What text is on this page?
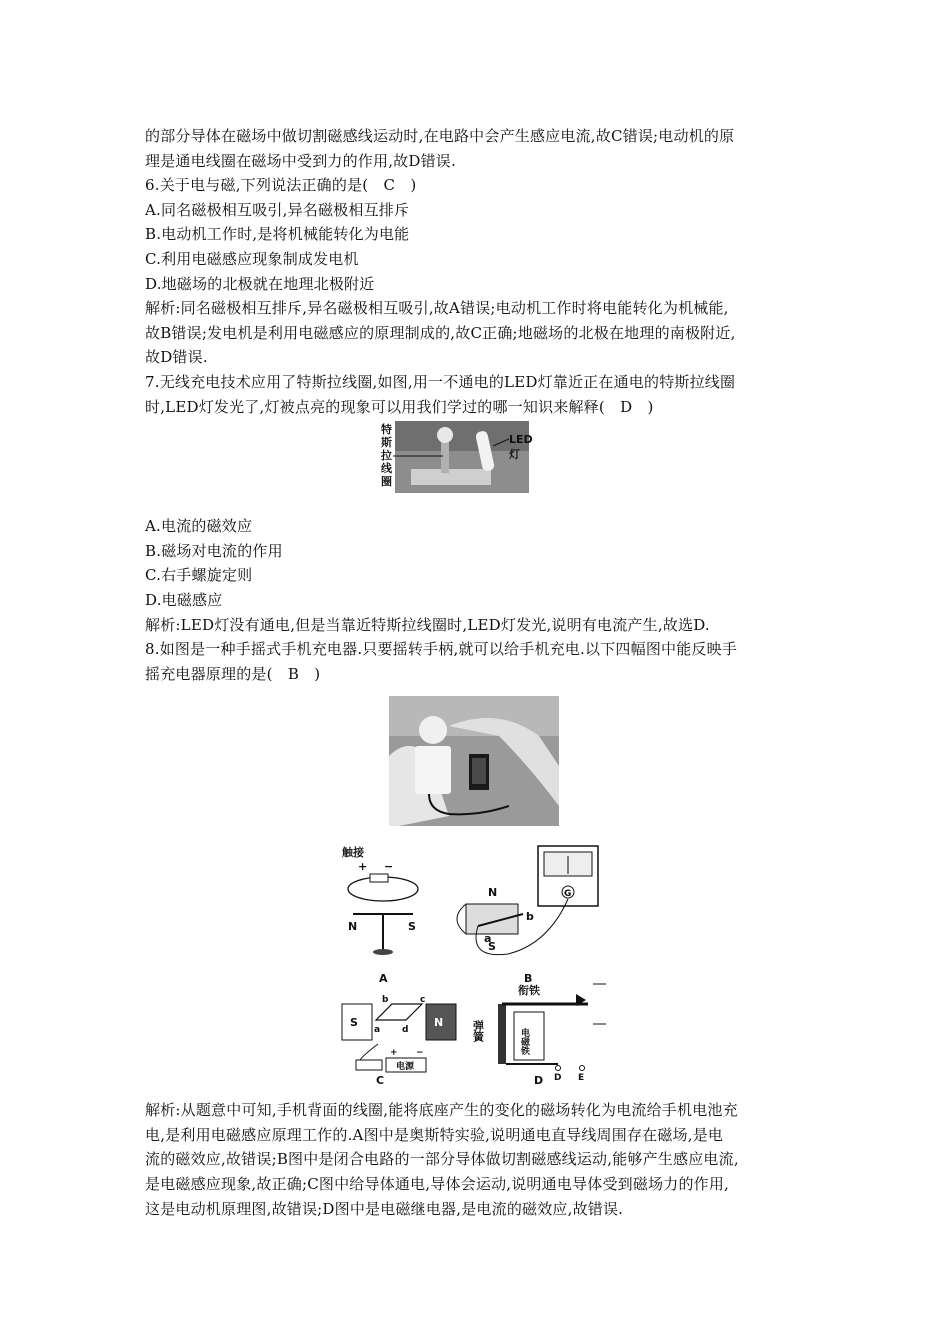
的部分导体在磁场中做切割磁感线运动时,在电路中会产生感应电流,故C错误;电动机的原
理是通电线圈在磁场中受到力的作用,故D错误.
6.关于电与磁,下列说法正确的是(　C　)
A.同名磁极相互吸引,异名磁极相互排斥
B.电动机工作时,是将机械能转化为电能
C.利用电磁感应现象制成发电机
D.地磁场的北极就在地理北极附近
解析:同名磁极相互排斥,异名磁极相互吸引,故A错误;电动机工作时将电能转化为机械能,
故B错误;发电机是利用电磁感应的原理制成的,故C正确;地磁场的北极在地理的南极附近,
故D错误.
7.无线充电技术应用了特斯拉线圈,如图,用一不通电的LED灯靠近正在通电的特斯拉线圈
时,LED灯发光了,灯被点亮的现象可以用我们学过的哪一知识来解释(　D　)
特斯拉线圈
LED灯
A.电流的磁效应
B.磁场对电流的作用
C.右手螺旋定则
D.电磁感应
解析:LED灯没有通电,但是当靠近特斯拉线圈时,LED灯发光,说明有电流产生,故选D.
8.如图是一种手摇式手机充电器.只要摇转手柄,就可以给手机充电.以下四幅图中能反映手
摇充电器原理的是(　B　)
触接
+ −
N	S
A
G
N
S
a
b
B
S	N
b	c
a d
电源
+ −
C
衔铁
弹簧	电磁铁
D E
D
解析:从题意中可知,手机背面的线圈,能将底座产生的变化的磁场转化为电流给手机电池充
电,是利用电磁感应原理工作的.A图中是奥斯特实验,说明通电直导线周围存在磁场,是电
流的磁效应,故错误;B图中是闭合电路的一部分导体做切割磁感线运动,能够产生感应电流,
是电磁感应现象,故正确;C图中给导体通电,导体会运动,说明通电导体受到磁场力的作用,
这是电动机原理图,故错误;D图中是电磁继电器,是电流的磁效应,故错误.
